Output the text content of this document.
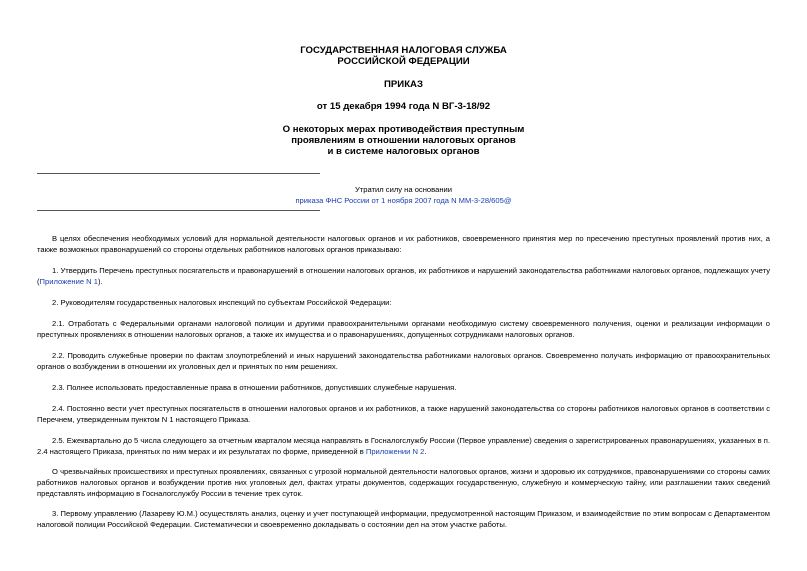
ГОСУДАРСТВЕННАЯ НАЛОГОВАЯ СЛУЖБА
РОССИЙСКОЙ ФЕДЕРАЦИИ
ПРИКАЗ
от 15 декабря 1994 года N ВГ-3-18/92
О некоторых мерах противодействия преступным
проявлениям в отношении налоговых органов
и в системе налоговых органов
Утратил силу на основании
приказа ФНС России от 1 ноября 2007 года N ММ-3-28/605@
В целях обеспечения необходимых условий для нормальной деятельности налоговых органов и их работников, своевременного принятия мер по пресечению преступных проявлений против них, а также возможных правонарушений со стороны отдельных работников налоговых органов приказываю:
1. Утвердить Перечень преступных посягательств и правонарушений в отношении налоговых органов, их работников и нарушений законодательства работниками налоговых органов, подлежащих учету (Приложение N 1).
2. Руководителям государственных налоговых инспекций по субъектам Российской Федерации:
2.1. Отработать с Федеральными органами налоговой полиции и другими правоохранительными органами необходимую систему своевременного получения, оценки и реализации информации о преступных проявлениях в отношении налоговых органов, а также их имущества и о правонарушениях, допущенных сотрудниками налоговых органов.
2.2. Проводить служебные проверки по фактам злоупотреблений и иных нарушений законодательства работниками налоговых органов. Своевременно получать информацию от правоохранительных органов о возбуждении в отношении их уголовных дел и принятых по ним решениях.
2.3. Полнее использовать предоставленные права в отношении работников, допустивших служебные нарушения.
2.4. Постоянно вести учет преступных посягательств в отношении налоговых органов и их работников, а также нарушений законодательства со стороны работников налоговых органов в соответствии с Перечнем, утвержденным пунктом N 1 настоящего Приказа.
2.5. Ежеквартально до 5 числа следующего за отчетным кварталом месяца направлять в Госналогслужбу России (Первое управление) сведения о зарегистрированных правонарушениях, указанных в п. 2.4 настоящего Приказа, принятых по ним мерах и их результатах по форме, приведенной в Приложении N 2.
О чрезвычайных происшествиях и преступных проявлениях, связанных с угрозой нормальной деятельности налоговых органов, жизни и здоровью их сотрудников, правонарушениями со стороны самих работников налоговых органов и возбуждении против них уголовных дел, фактах утраты документов, содержащих государственную, служебную и коммерческую тайну, или разглашении таких сведений представлять информацию в Госналогслужбу России в течение трех суток.
3. Первому управлению (Лазареву Ю.М.) осуществлять анализ, оценку и учет поступающей информации, предусмотренной настоящим Приказом, и взаимодействие по этим вопросам с Департаментом налоговой полиции Российской Федерации. Систематически и своевременно докладывать о состоянии дел на этом участке работы.
